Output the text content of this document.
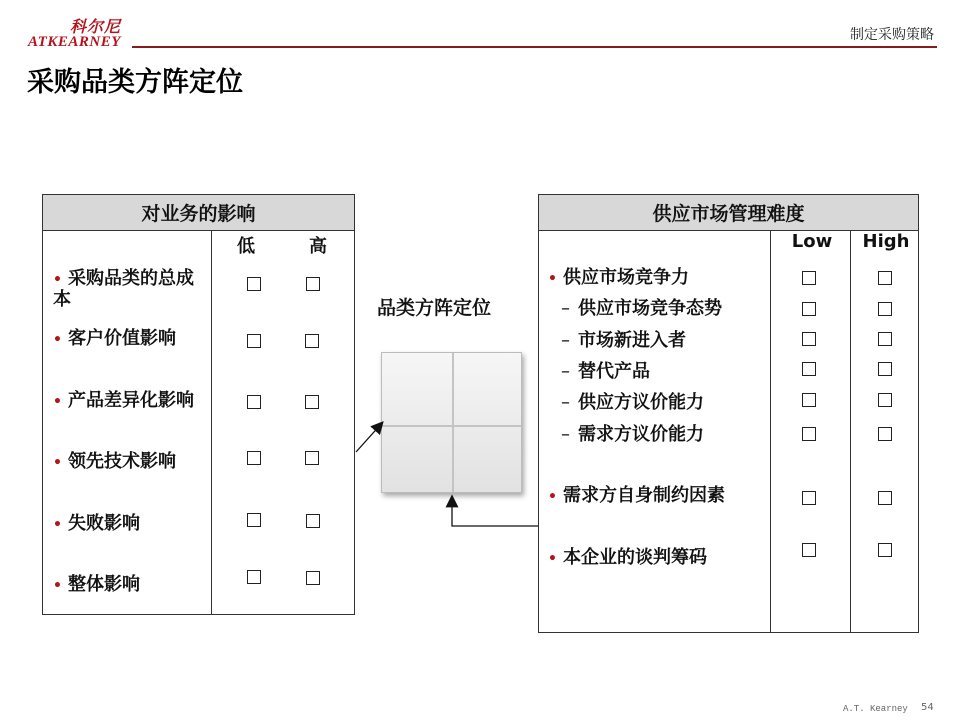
科尔尼
ATKEARNEY	制定采购策略
采购品类方阵定位
对业务的影响
低	高
• 采购品类的总成本
• 客户价值影响
• 产品差异化影响
• 领先技术影响
• 失败影响
• 整体影响
品类方阵定位
供应市场管理难度
Low	High
• 供应市场竞争力
– 供应市场竞争态势
– 市场新进入者
– 替代产品
– 供应方议价能力
– 需求方议价能力
• 需求方自身制约因素
• 本企业的谈判筹码
A.T. Kearney 54
